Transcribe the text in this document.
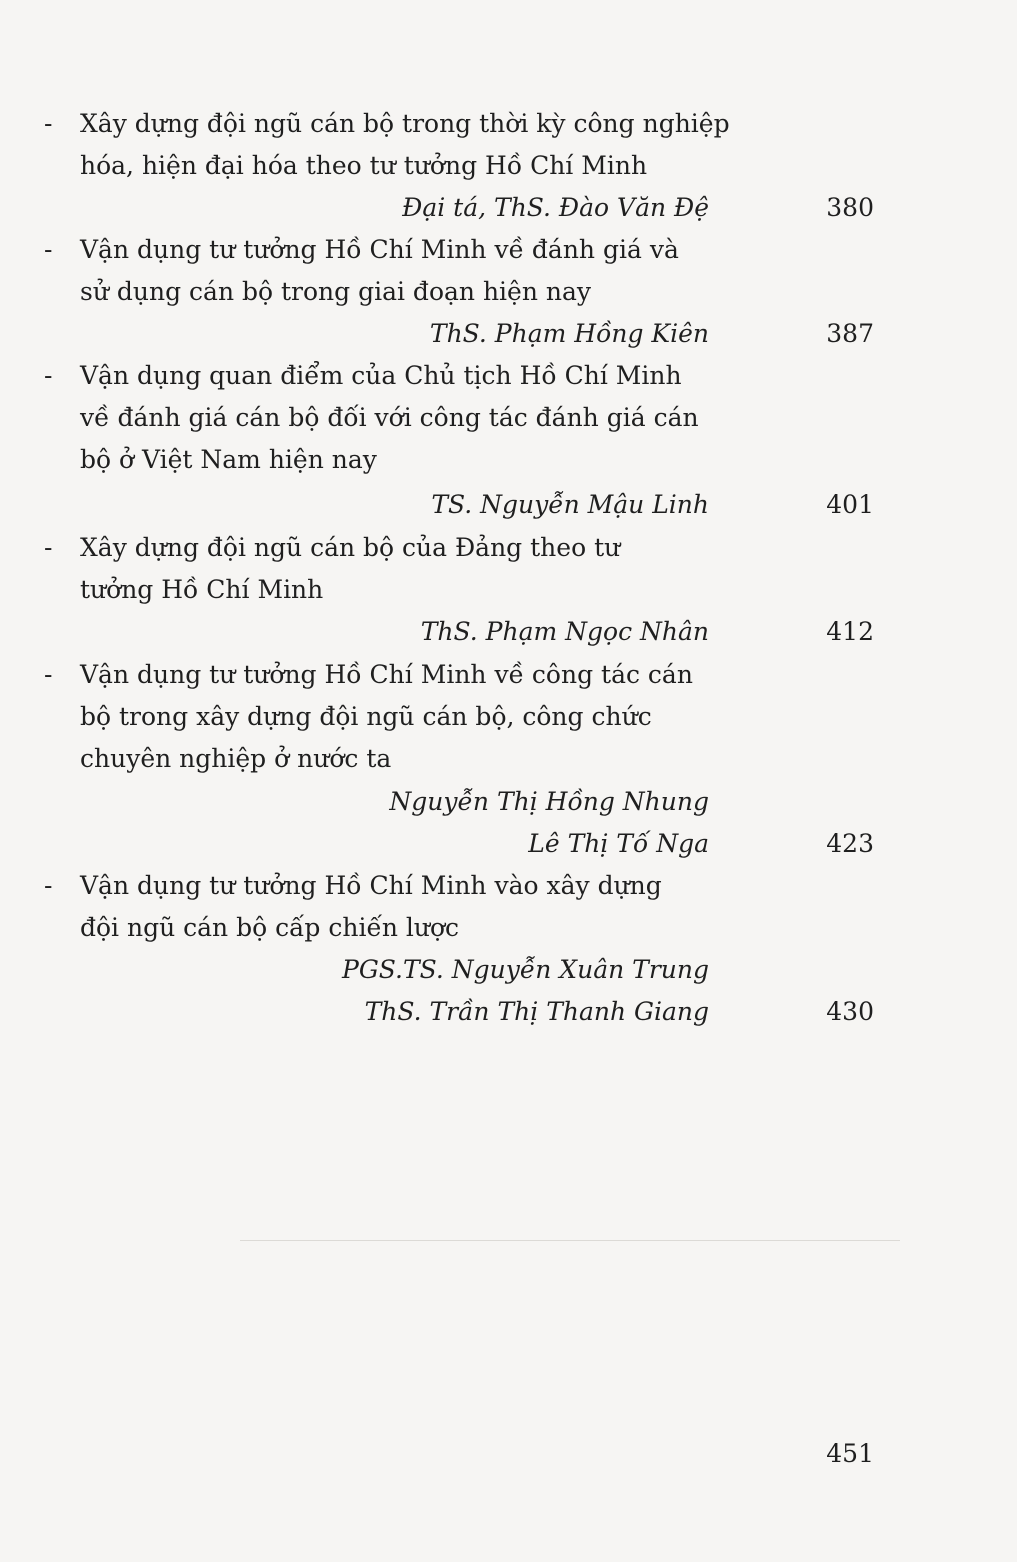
- Xây dựng đội ngũ cán bộ trong thời kỳ công nghiệp
hóa, hiện đại hóa theo tư tưởng Hồ Chí Minh
Đại tá, ThS. Đào Văn Đệ	380
- Vận dụng tư tưởng Hồ Chí Minh về đánh giá và
sử dụng cán bộ trong giai đoạn hiện nay
ThS. Phạm Hồng Kiên	387
- Vận dụng quan điểm của Chủ tịch Hồ Chí Minh
về đánh giá cán bộ đối với công tác đánh giá cán
bộ ở Việt Nam hiện nay
TS. Nguyễn Mậu Linh	401
- Xây dựng đội ngũ cán bộ của Đảng theo tư
tưởng Hồ Chí Minh
ThS. Phạm Ngọc Nhân	412
- Vận dụng tư tưởng Hồ Chí Minh về công tác cán
bộ trong xây dựng đội ngũ cán bộ, công chức
chuyên nghiệp ở nước ta
Nguyễn Thị Hồng Nhung
Lê Thị Tố Nga	423
- Vận dụng tư tưởng Hồ Chí Minh vào xây dựng
đội ngũ cán bộ cấp chiến lược
PGS.TS. Nguyễn Xuân Trung
ThS. Trần Thị Thanh Giang	430
451
